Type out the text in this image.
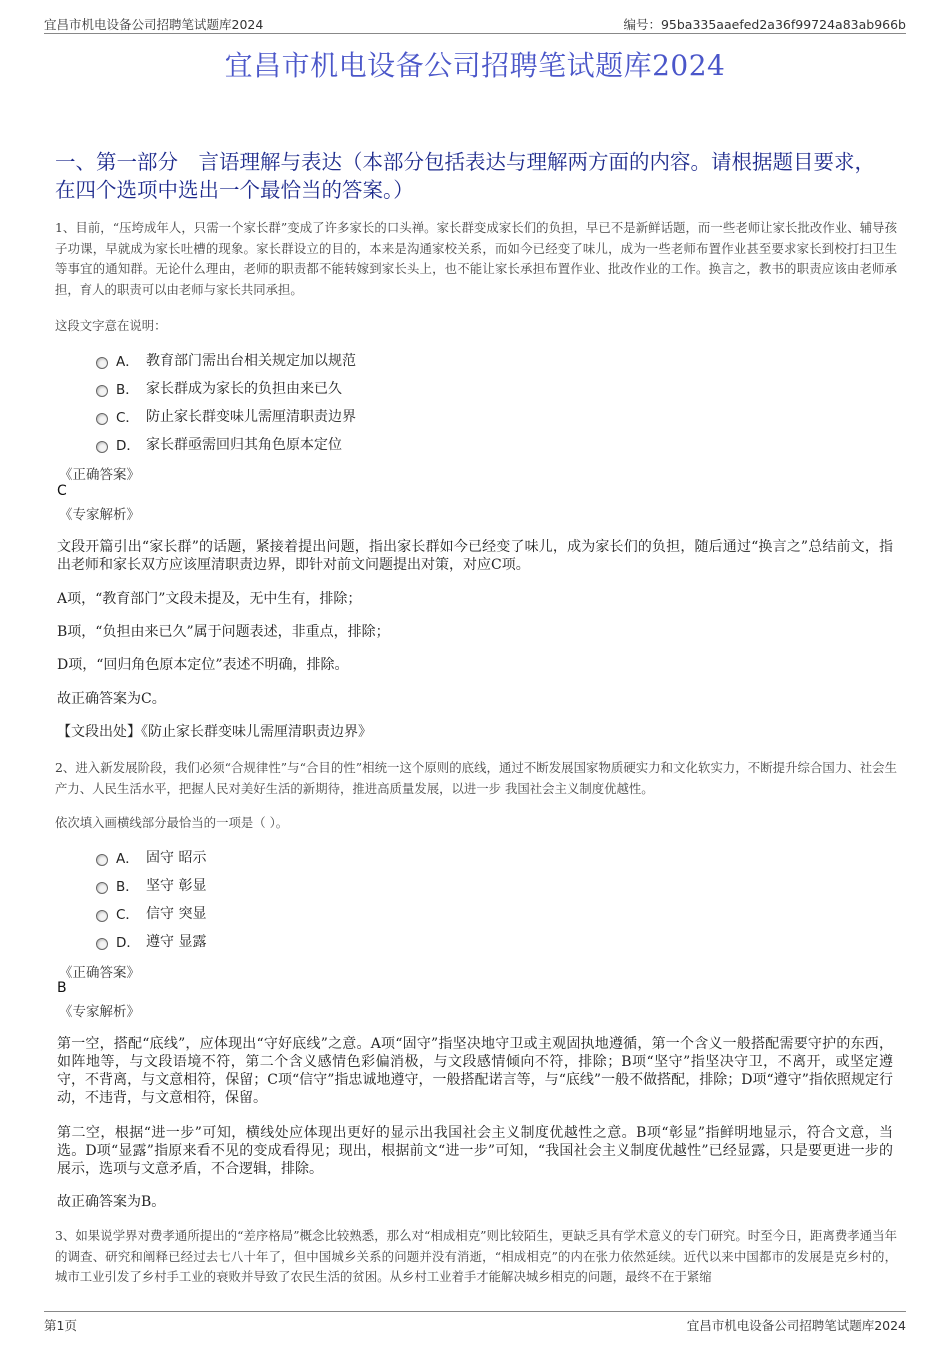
宜昌市机电设备公司招聘笔试题库2024	编号：95ba335aaefed2a36f99724a83ab966b
宜昌市机电设备公司招聘笔试题库2024
一、第一部分　言语理解与表达（本部分包括表达与理解两方面的内容。请根据题目要求，在四个选项中选出一个最恰当的答案。）
1、目前，“压垮成年人，只需一个家长群”变成了许多家长的口头禅。家长群变成家长们的负担，早已不是新鲜话题，而一些老师让家长批改作业、辅导孩子功课，早就成为家长吐槽的现象。家长群设立的目的，本来是沟通家校关系，而如今已经变了味儿，成为一些老师布置作业甚至要求家长到校打扫卫生等事宜的通知群。无论什么理由，老师的职责都不能转嫁到家长头上，也不能让家长承担布置作业、批改作业的工作。换言之，教书的职责应该由老师承担，育人的职责可以由老师与家长共同承担。
这段文字意在说明：
A． 教育部门需出台相关规定加以规范
B． 家长群成为家长的负担由来已久
C． 防止家长群变味儿需厘清职责边界
D． 家长群亟需回归其角色原本定位
《正确答案》
C
《专家解析》
文段开篇引出“家长群”的话题，紧接着提出问题，指出家长群如今已经变了味儿，成为家长们的负担，随后通过“换言之”总结前文，指出老师和家长双方应该厘清职责边界，即针对前文问题提出对策，对应C项。
A项，“教育部门”文段未提及，无中生有，排除；
B项，“负担由来已久”属于问题表述，非重点，排除；
D项，“回归角色原本定位”表述不明确，排除。
故正确答案为C。
【文段出处】《防止家长群变味儿需厘清职责边界》
2、进入新发展阶段，我们必须“合规律性”与“合目的性”相统一这个原则的底线，通过不断发展国家物质硬实力和文化软实力，不断提升综合国力、社会生产力、人民生活水平，把握人民对美好生活的新期待，推进高质量发展，以进一步 我国社会主义制度优越性。
依次填入画横线部分最恰当的一项是（ ）。
A． 固守 昭示
B． 坚守 彰显
C． 信守 突显
D． 遵守 显露
《正确答案》
B
《专家解析》
第一空，搭配“底线”，应体现出“守好底线”之意。A项“固守”指坚决地守卫或主观固执地遵循，第一个含义一般搭配需要守护的东西，如阵地等，与文段语境不符，第二个含义感情色彩偏消极，与文段感情倾向不符，排除；B项“坚守”指坚决守卫，不离开，或坚定遵守，不背离，与文意相符，保留；C项“信守”指忠诚地遵守，一般搭配诺言等，与“底线”一般不做搭配，排除；D项“遵守”指依照规定行动，不违背，与文意相符，保留。
第二空，根据“进一步”可知，横线处应体现出更好的显示出我国社会主义制度优越性之意。B项“彰显”指鲜明地显示，符合文意，当选。D项“显露”指原来看不见的变成看得见；现出，根据前文“进一步”可知，“我国社会主义制度优越性”已经显露，只是要更进一步的展示，选项与文意矛盾，不合逻辑，排除。
故正确答案为B。
3、如果说学界对费孝通所提出的“差序格局”概念比较熟悉，那么对“相成相克”则比较陌生，更缺乏具有学术意义的专门研究。时至今日，距离费孝通当年的调查、研究和阐释已经过去七八十年了，但中国城乡关系的问题并没有消逝，“相成相克”的内在张力依然延续。近代以来中国都市的发展是克乡村的，城市工业引发了乡村手工业的衰败并导致了农民生活的贫困。从乡村工业着手才能解决城乡相克的问题，最终不在于紧缩
第1页	宜昌市机电设备公司招聘笔试题库2024
